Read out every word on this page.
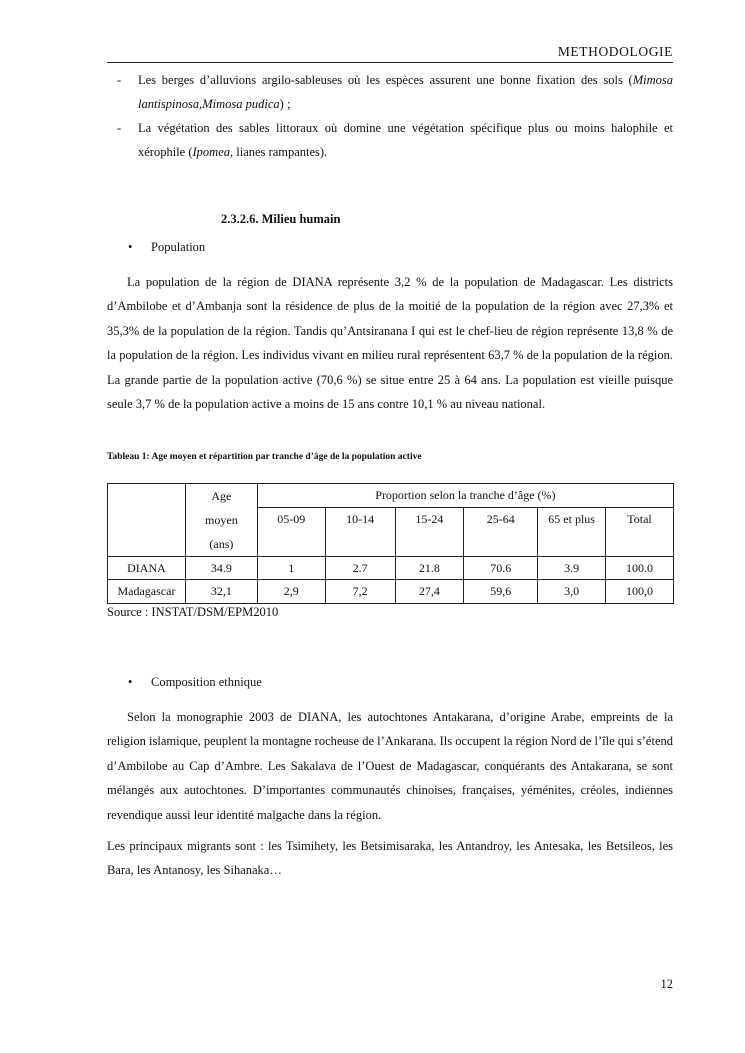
METHODOLOGIE

- Les berges d’alluvions argilo-sableuses où les espèces assurent une bonne fixation des sols (Mimosa lantispinosa,Mimosa pudica) ;

- La végétation des sables littoraux où domine une végétation spécifique plus ou moins halophile et xérophile (Ipomea, lianes rampantes).

2.3.2.6. Milieu humain
• Population

La population de la région de DIANA représente 3,2 % de la population de Madagascar. Les districts d’Ambilobe et d’Ambanja sont la résidence de plus de la moitié de la population de la région avec 27,3% et 35,3% de la population de la région. Tandis qu’Antsiranana I qui est le chef-lieu de région représente 13,8 % de la population de la région. Les individus vivant en milieu rural représentent 63,7 % de la population de la région. La grande partie de la population active (70,6 %) se situe entre 25 à 64 ans. La population est vieille puisque seule 3,7 % de la population active a moins de 15 ans contre 10,1 % au niveau national.

Tableau 1: Age moyen et répartition par tranche d’âge de la population active

	Age
moyen
(ans)	Proportion selon la tranche d’âge (%)					
		05-09	10-14	15-24	25-64	65 et plus	Total
DIANA	34.9	1	2.7	21.8	70.6	3.9	100.0
Madagascar	32,1	2,9	7,2	27,4	59,6	3,0	100,0
Source : INSTAT/DSM/EPM2010
• Composition ethnique

Selon la monographie 2003 de DIANA, les autochtones Antakarana, d’origine Arabe, empreints de la religion islamique, peuplent la montagne rocheuse de l’Ankarana. Ils occupent la région Nord de l’île qui s’étend d’Ambilobe au Cap d’Ambre. Les Sakalava de l’Ouest de Madagascar, conquérants des Antakarana, se sont mélangés aux autochtones. D’importantes communautés chinoises, françaises, yéménites, créoles, indiennes revendique aussi leur identité malgache dans la région.

Les principaux migrants sont : les Tsimihety, les Betsimisaraka, les Antandroy, les Antesaka, les Betsileos, les Bara, les Antanosy, les Sihanaka…

12
